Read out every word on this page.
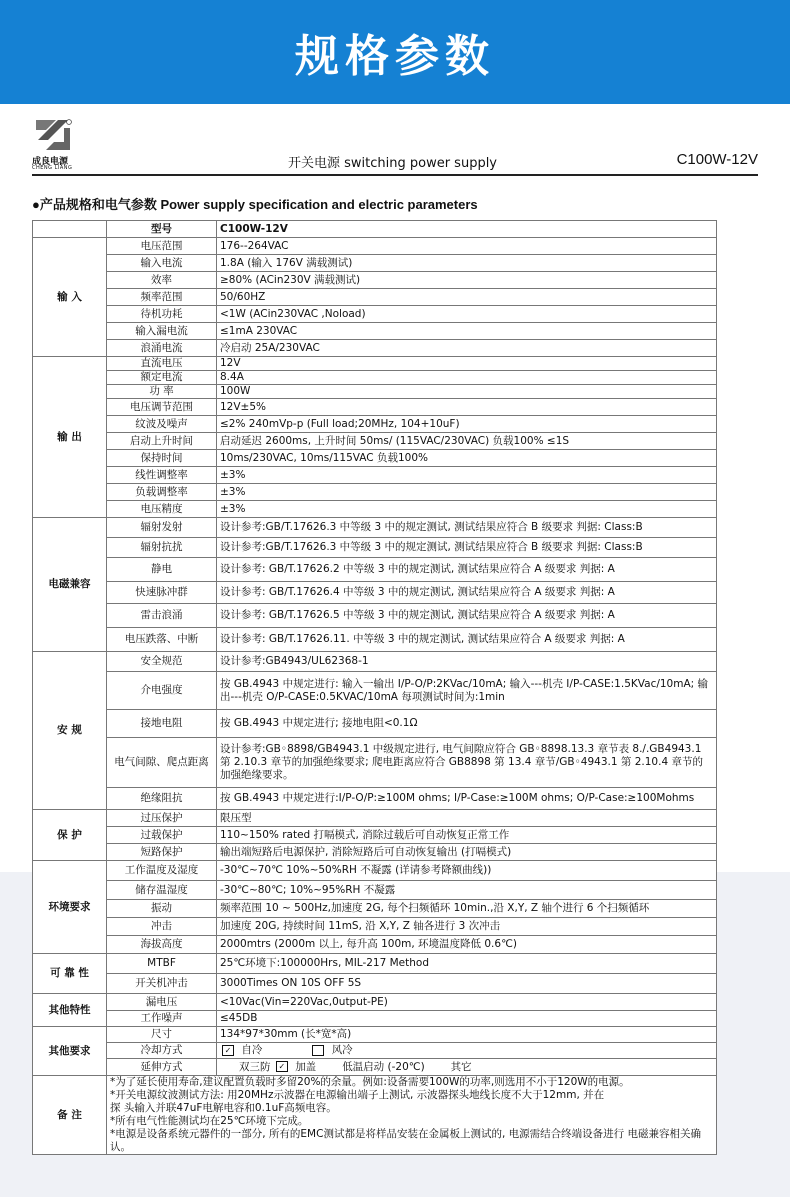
规格参数
成良电源
CHENG LIANG	开关电源 switching power supply	C100W-12V
●产品规格和电气参数 Power supply specification and electric parameters
	型号	C100W-12V
输 入	电压范围	176--264VAC
	输入电流	1.8A (输入 176V 满载测试)
	效率	≥80% (ACin230V 满载测试)
	频率范围	50/60HZ
	待机功耗	<1W (ACin230VAC ,Noload)
	输入漏电流	≤1mA 230VAC
	浪涌电流	冷启动 25A/230VAC
输 出	直流电压	12V
	额定电流	8.4A
	功 率	100W
	电压调节范围	12V±5%
	纹波及噪声	≤2% 240mVp-p (Full load;20MHz, 104+10uF)
	启动上升时间	启动延迟 2600ms, 上升时间 50ms/ (115VAC/230VAC) 负载100% ≤1S
	保持时间	10ms/230VAC, 10ms/115VAC 负载100%
	线性调整率	±3%
	负载调整率	±3%
	电压精度	±3%
电磁兼容	辐射发射	设计参考:GB/T.17626.3 中等级 3 中的规定测试, 测试结果应符合 B 级要求 判据: Class:B
	辐射抗扰	设计参考:GB/T.17626.3 中等级 3 中的规定测试, 测试结果应符合 B 级要求 判据: Class:B
	静电	设计参考: GB/T.17626.2 中等级 3 中的规定测试, 测试结果应符合 A 级要求 判据: A
	快速脉冲群	设计参考: GB/T.17626.4 中等级 3 中的规定测试, 测试结果应符合 A 级要求 判据: A
	雷击浪涌	设计参考: GB/T.17626.5 中等级 3 中的规定测试, 测试结果应符合 A 级要求 判据: A
	电压跌落、中断	设计参考: GB/T.17626.11. 中等级 3 中的规定测试, 测试结果应符合 A 级要求 判据: A
安 规	安全规范	设计参考:GB4943/UL62368-1
	介电强度	按 GB.4943 中规定进行: 输入一输出 I/P-O/P:2KVac/10mA; 输入---机壳 I/P-CASE:1.5KVac/10mA; 输出---机壳 O/P-CASE:0.5KVAC/10mA 每项测试时间为:1min
	接地电阻	按 GB.4943 中规定进行; 接地电阻<0.1Ω
	电气间隙、爬点距离	设计参考:GB◦8898/GB4943.1 中级规定进行, 电气间隙应符合 GB◦8898.13.3 章节表 8./.GB4943.1 第 2.10.3 章节的加强绝缘要求; 爬电距离应符合 GB8898 第 13.4 章节/GB◦4943.1 第 2.10.4 章节的加强绝缘要求。
	绝缘阻抗	按 GB.4943 中规定进行:I/P-O/P:≥100M ohms; I/P-Case:≥100M ohms; O/P-Case:≥100Mohms
保 护	过压保护	限压型
	过载保护	110~150% rated 打嗝模式, 消除过载后可自动恢复正常工作
	短路保护	输出端短路后电源保护, 消除短路后可自动恢复输出 (打嗝模式)
环境要求	工作温度及湿度	-30℃~70℃ 10%~50%RH 不凝露 (详请参考降额曲线))
	储存温湿度	-30℃~80℃; 10%~95%RH 不凝露
	振动	频率范围 10 ~ 500Hz,加速度 2G, 每个扫频循环 10min.,沿 X,Y, Z 轴个进行 6 个扫频循环
	冲击	加速度 20G, 持续时间 11mS, 沿 X,Y, Z 轴各进行 3 次冲击
	海拔高度	2000mtrs (2000m 以上, 每升高 100m, 环境温度降低 0.6℃)
可 靠 性	MTBF	25℃环境下:100000Hrs, MIL-217 Method
	开关机冲击	3000Times ON 10S OFF 5S
其他特性	漏电压	<10Vac(Vin=220Vac,0utput-PE)
	工作噪声	≤45DB
其他要求	尺寸	134*97*30mm (长*宽*高)
	冷却方式	✓ 自冷 风冷
	延伸方式	双三防 ✓ 加盖 低温启动 (-20℃) 其它
备 注	*为了延长使用寿命,建议配置负载时多留20%的余量。例如:设备需要100W的功率,则选用不小于120W的电源。
*开关电源纹波测试方法: 用20MHz示波器在电源输出端子上测试, 示波器探头地线长度不大于12mm, 并在
探 头输入并联47uF电解电容和0.1uF高频电容。
*所有电气性能测试均在25℃环境下完成。
*电源是设备系统元器件的一部分, 所有的EMC测试都是将样品安装在金属板上测试的, 电源需结合终端设备进行 电磁兼容相关确认。	
